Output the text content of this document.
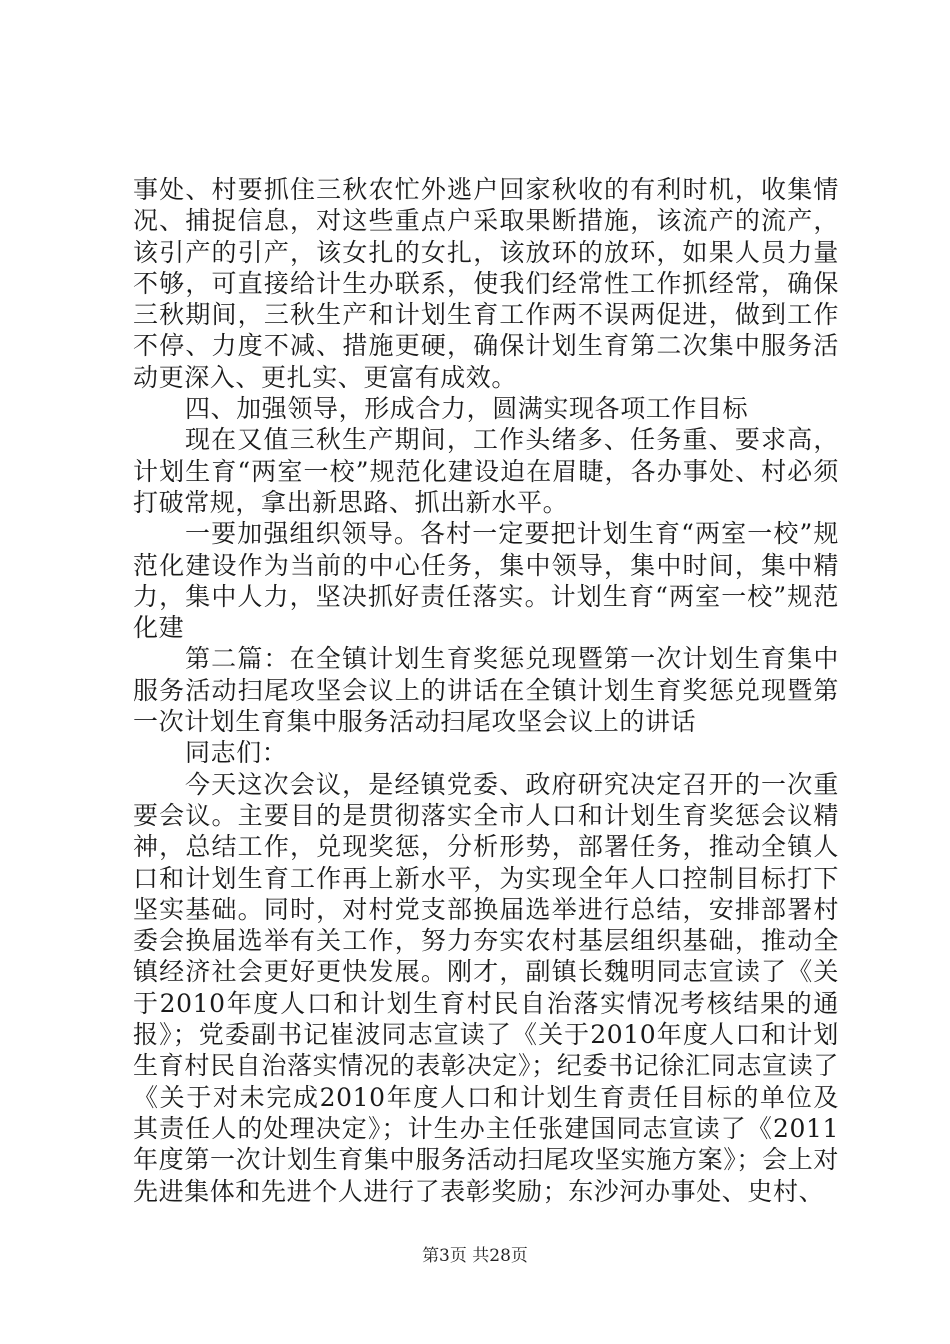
事处、村要抓住三秋农忙外逃户回家秋收的有利时机，收集情况、捕捉信息，对这些重点户采取果断措施，该流产的流产，该引产的引产，该女扎的女扎，该放环的放环，如果人员力量不够，可直接给计生办联系，使我们经常性工作抓经常，确保三秋期间，三秋生产和计划生育工作两不误两促进，做到工作不停、力度不减、措施更硬，确保计划生育第二次集中服务活动更深入、更扎实、更富有成效。

四、加强领导，形成合力，圆满实现各项工作目标

现在又值三秋生产期间，工作头绪多、任务重、要求高，计划生育“两室一校”规范化建设迫在眉睫，各办事处、村必须打破常规，拿出新思路、抓出新水平。

一要加强组织领导。各村一定要把计划生育“两室一校”规范化建设作为当前的中心任务，集中领导，集中时间，集中精力，集中人力，坚决抓好责任落实。计划生育“两室一校”规范化建

第二篇：在全镇计划生育奖惩兑现暨第一次计划生育集中服务活动扫尾攻坚会议上的讲话在全镇计划生育奖惩兑现暨第一次计划生育集中服务活动扫尾攻坚会议上的讲话

同志们：

今天这次会议，是经镇党委、政府研究决定召开的一次重要会议。主要目的是贯彻落实全市人口和计划生育奖惩会议精神，总结工作，兑现奖惩，分析形势，部署任务，推动全镇人口和计划生育工作再上新水平，为实现全年人口控制目标打下坚实基础。同时，对村党支部换届选举进行总结，安排部署村委会换届选举有关工作，努力夯实农村基层组织基础，推动全镇经济社会更好更快发展。刚才，副镇长魏明同志宣读了《关于2010年度人口和计划生育村民自治落实情况考核结果的通报》；党委副书记崔波同志宣读了《关于2010年度人口和计划生育村民自治落实情况的表彰决定》；纪委书记徐汇同志宣读了《关于对未完成2010年度人口和计划生育责任目标的单位及其责任人的处理决定》；计生办主任张建国同志宣读了《2011年度第一次计划生育集中服务活动扫尾攻坚实施方案》；会上对先进集体和先进个人进行了表彰奖励；东沙河办事处、史村、

第3页 共28页
